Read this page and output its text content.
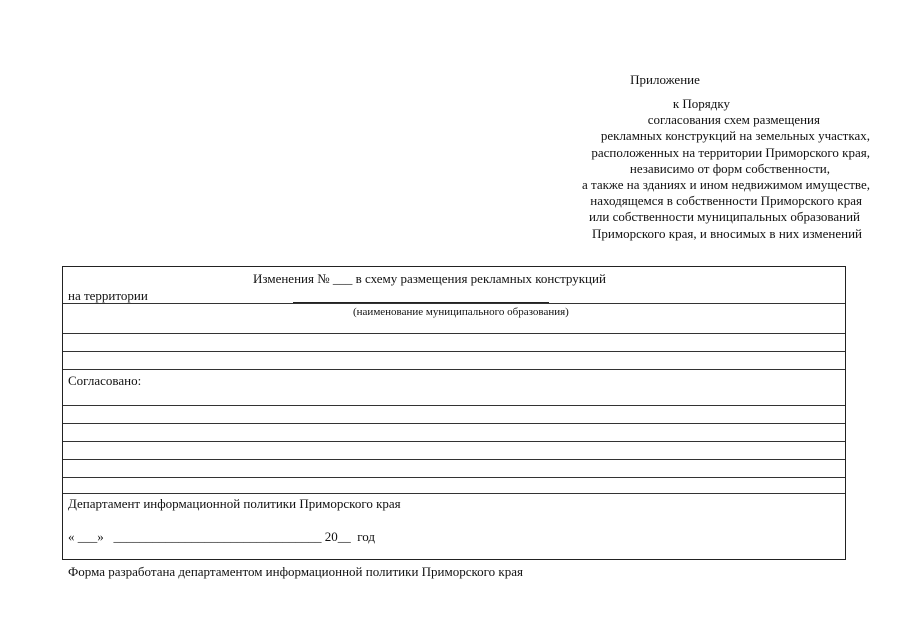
Приложение
к Порядку
согласования схем размещения
рекламных конструкций на земельных участках,
расположенных на территории Приморского края,
независимо от форм собственности,
а также на зданиях и ином недвижимом имуществе,
находящемся в собственности Приморского края
или собственности муниципальных образований
Приморского края, и вносимых в них изменений
Изменения № ___ в схему размещения рекламных конструкций
на территории
(наименование муниципального образования)
Согласовано:
Департамент информационной политики Приморского края
« ___» ________________________________ 20__ год
Форма разработана департаментом информационной политики Приморского края
